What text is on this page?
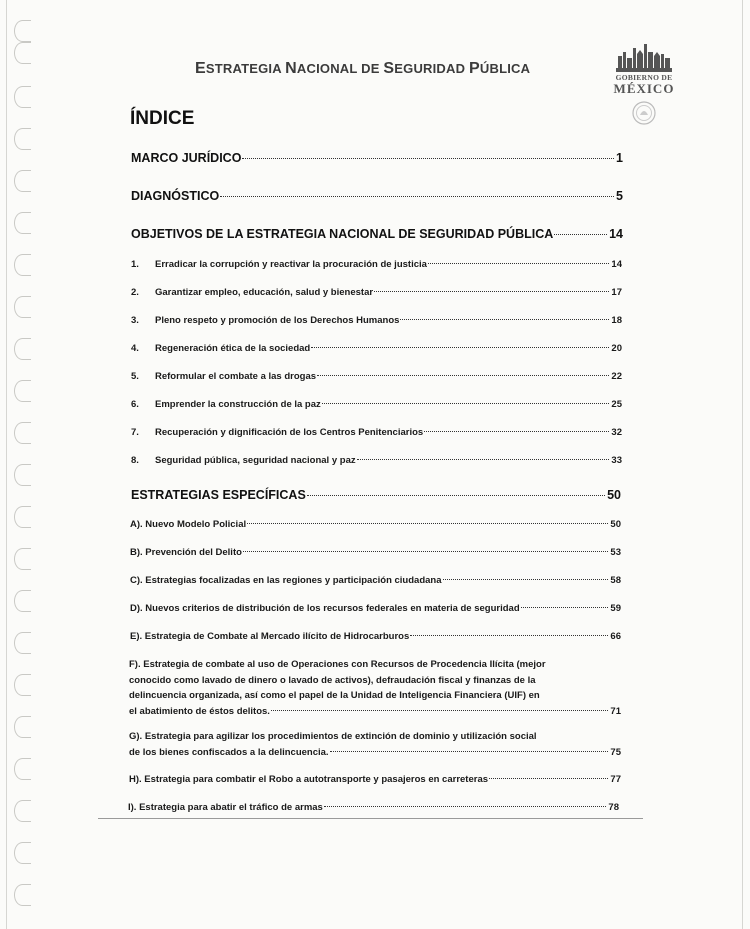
ESTRATEGIA NACIONAL DE SEGURIDAD PÚBLICA
GOBIERNO DE
MÉXICO
ÍNDICE
MARCO JURÍDICO	1
DIAGNÓSTICO	5
OBJETIVOS DE LA ESTRATEGIA NACIONAL DE SEGURIDAD PÚBLICA	14
1.	Erradicar la corrupción y reactivar la procuración de justicia	14
2.	Garantizar empleo, educación, salud y bienestar	17
3.	Pleno respeto y promoción de los Derechos Humanos	18
4.	Regeneración ética de la sociedad	20
5.	Reformular el combate a las drogas	22
6.	Emprender la construcción de la paz	25
7.	Recuperación y dignificación de los Centros Penitenciarios	32
8.	Seguridad pública, seguridad nacional y paz	33
ESTRATEGIAS ESPECÍFICAS	50
A). Nuevo Modelo Policial	50
B). Prevención del Delito	53
C). Estrategias focalizadas en las regiones y participación ciudadana	58
D). Nuevos criterios de distribución de los recursos federales en materia de seguridad	59
E). Estrategia de Combate al Mercado ilícito de Hidrocarburos	66
F). Estrategia de combate al uso de Operaciones con Recursos de Procedencia Ilícita (mejor
conocido como lavado de dinero o lavado de activos), defraudación fiscal y finanzas de la
delincuencia organizada, así como el papel de la Unidad de Inteligencia Financiera (UIF) en
el abatimiento de éstos delitos.	71
G). Estrategia para agilizar los procedimientos de extinción de dominio y utilización social
de los bienes confiscados a la delincuencia.	75
H). Estrategia para combatir el Robo a autotransporte y pasajeros en carreteras	77
I). Estrategia para abatir el tráfico de armas	78
